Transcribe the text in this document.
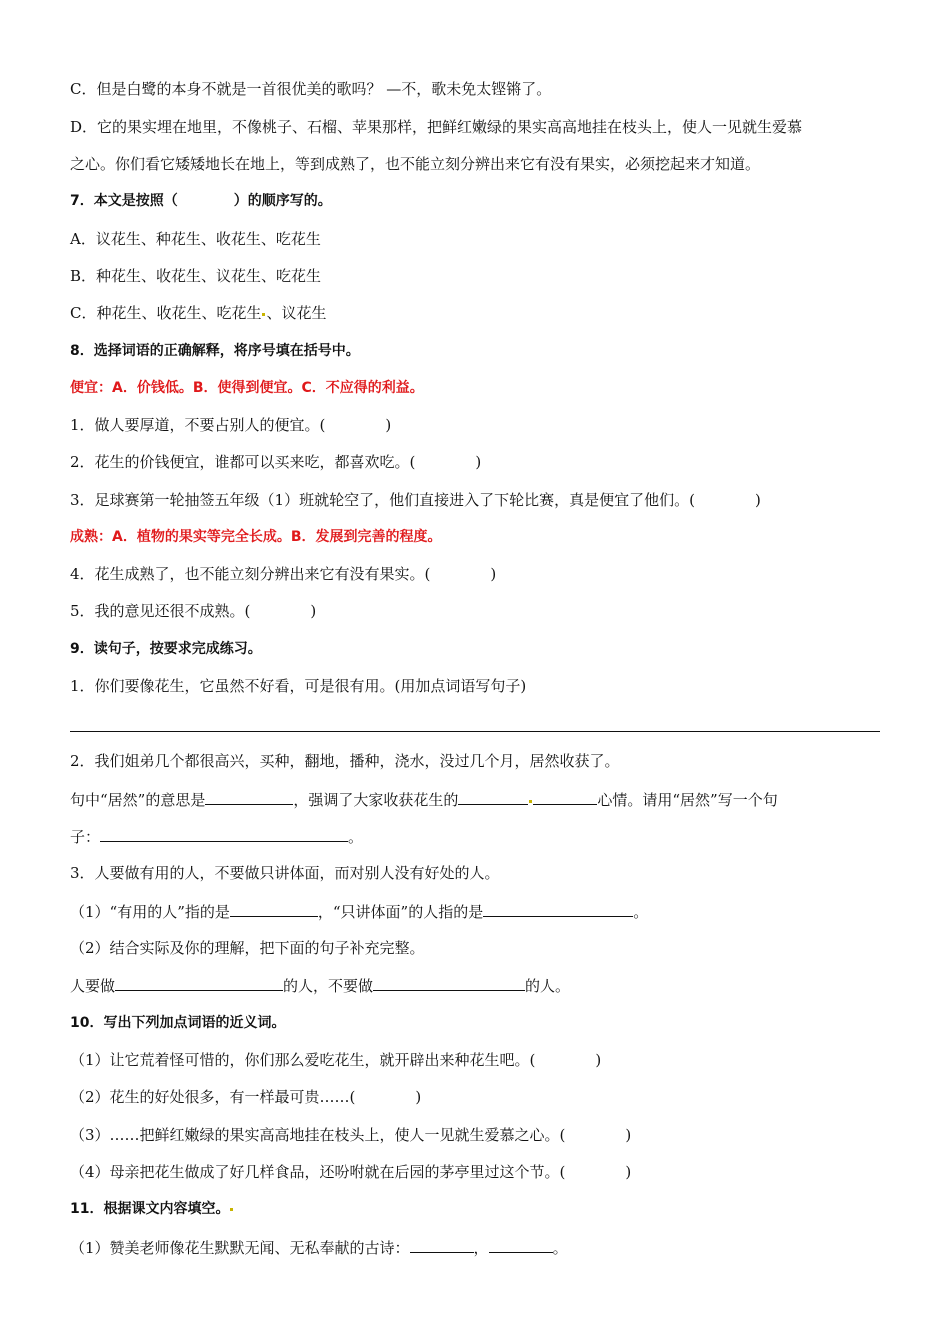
C．但是白鹭的本身不就是一首很优美的歌吗？ —不，歌未免太铿锵了。
D．它的果实埋在地里，不像桃子、石榴、苹果那样，把鲜红嫩绿的果实高高地挂在枝头上，使人一见就生爱慕
之心。你们看它矮矮地长在地上，等到成熟了，也不能立刻分辨出来它有没有果实，必须挖起来才知道。
7．本文是按照（　　　　）的顺序写的。
A．议花生、种花生、收花生、吃花生
B．种花生、收花生、议花生、吃花生
C．种花生、收花生、吃花生 、议花生
8．选择词语的正确解释，将序号填在括号中。
便宜：A．价钱低。B．使得到便宜。C．不应得的利益。
1．做人要厚道，不要占别人的便宜。(　　　　)
2．花生的价钱便宜，谁都可以买来吃，都喜欢吃。(　　　　)
3．足球赛第一轮抽签五年级（1）班就轮空了，他们直接进入了下轮比赛，真是便宜了他们。(　　　　)
成熟：A．植物的果实等完全长成。B．发展到完善的程度。
4．花生成熟了，也不能立刻分辨出来它有没有果实。(　　　　)
5．我的意见还很不成熟。(　　　　)
9．读句子，按要求完成练习。
1．你们要像花生，它虽然不好看，可是很有用。(用加点词语写句子)
2．我们姐弟几个都很高兴，买种，翻地，播种，浇水，没过几个月，居然收获了。
句中“居然”的意思是	，强调了大家收获花生的	心情。请用“居然”写一个句
子：	。
3．人要做有用的人，不要做只讲体面，而对别人没有好处的人。
（1）“有用的人”指的是	，“只讲体面”的人指的是	。
（2）结合实际及你的理解，把下面的句子补充完整。
人要做	的人，不要做	的人。
10．写出下列加点词语的近义词。
（1）让它荒着怪可惜的，你们那么爱吃花生，就开辟出来种花生吧。(　　　　)
（2）花生的好处很多，有一样最可贵……(　　　　)
（3）……把鲜红嫩绿的果实高高地挂在枝头上，使人一见就生爱慕之心。(　　　　)
（4）母亲把花生做成了好几样食品，还吩咐就在后园的茅亭里过这个节。(　　　　)
11．根据课文内容填空。
（1）赞美老师像花生默默无闻、无私奉献的古诗：	，	。
